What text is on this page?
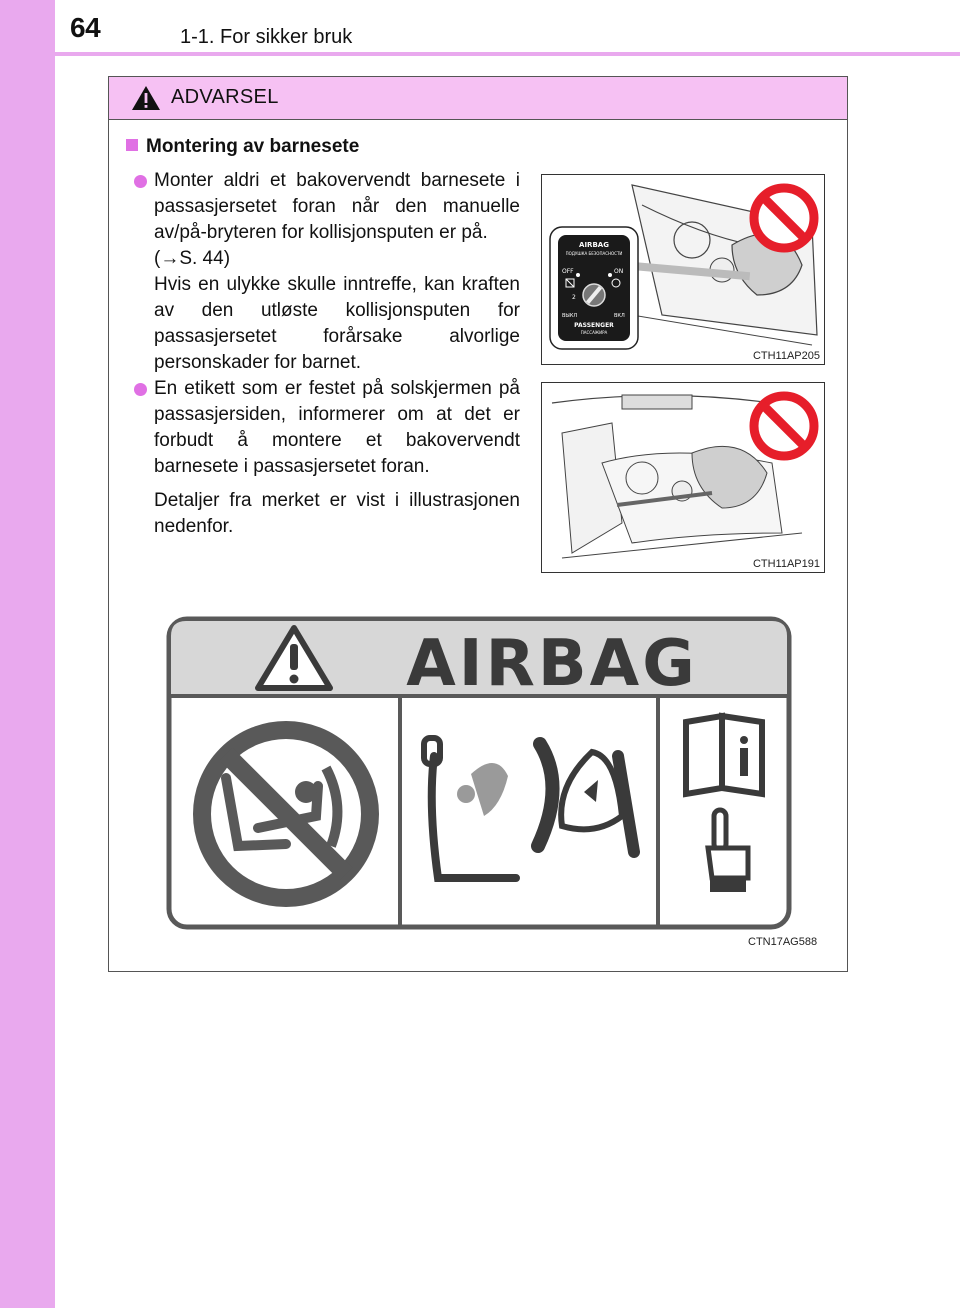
64	1-1. For sikker bruk
ADVARSEL
Montering av barnesete

Monter aldri et bakovervendt barnesete i passasjersetet foran når den manuelle av/på-bryteren for kollisjonsputen er på.

(→S. 44)

Hvis en ulykke skulle inntreffe, kan kraften av den utløste kollisjonsputen for passasjersetet forårsake alvorlige personskader for barnet.

En etikett som er festet på solskjermen på passasjersiden, informerer om at det er forbudt å montere et bakovervendt barnesete i passasjersetet foran.

Detaljer fra merket er vist i illustrasjonen nedenfor.

AIRBAG
ПОДУШКА БЕЗОПАСНОСТИ
OFF	ON
2
ВЫКЛ	ВКЛ
PASSENGER
ПАССАЖИРА
CTH11AP205
CTH11AP191
AIRBAG
CTN17AG588
